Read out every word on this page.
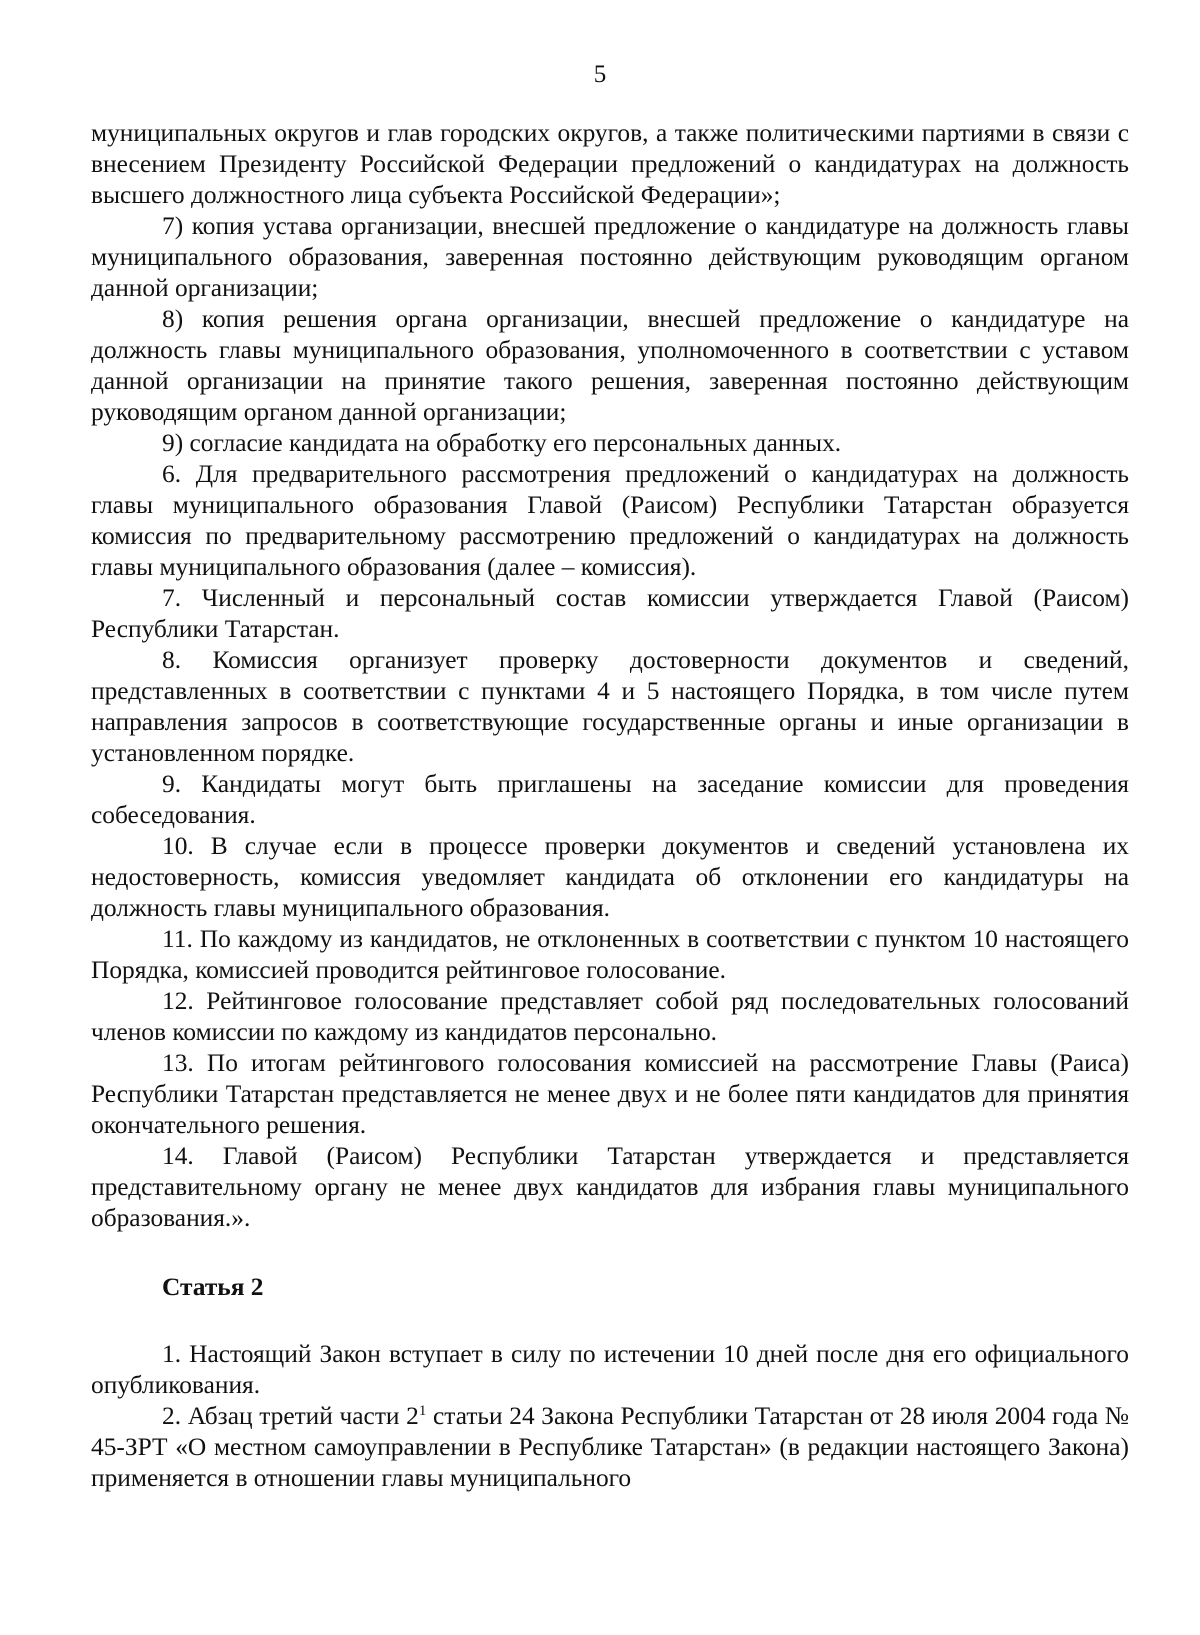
5

муниципальных округов и глав городских округов, а также политическими партиями в связи с внесением Президенту Российской Федерации предложений о кандидатурах на должность высшего должностного лица субъекта Российской Федерации»;

7) копия устава организации, внесшей предложение о кандидатуре на должность главы муниципального образования, заверенная постоянно действующим руководящим органом данной организации;

8) копия решения органа организации, внесшей предложение о кандидатуре на должность главы муниципального образования, уполномоченного в соответствии с уставом данной организации на принятие такого решения, заверенная постоянно действующим руководящим органом данной организации;

9) согласие кандидата на обработку его персональных данных.

6. Для предварительного рассмотрения предложений о кандидатурах на должность главы муниципального образования Главой (Раисом) Республики Татарстан образуется комиссия по предварительному рассмотрению предложений о кандидатурах на должность главы муниципального образования (далее – комиссия).

7. Численный и персональный состав комиссии утверждается Главой (Раисом) Республики Татарстан.

8. Комиссия организует проверку достоверности документов и сведений, представленных в соответствии с пунктами 4 и 5 настоящего Порядка, в том числе путем направления запросов в соответствующие государственные органы и иные организации в установленном порядке.

9. Кандидаты могут быть приглашены на заседание комиссии для проведения собеседования.

10. В случае если в процессе проверки документов и сведений установлена их недостоверность, комиссия уведомляет кандидата об отклонении его кандидатуры на должность главы муниципального образования.

11. По каждому из кандидатов, не отклоненных в соответствии с пунктом 10 настоящего Порядка, комиссией проводится рейтинговое голосование.

12. Рейтинговое голосование представляет собой ряд последовательных голосований членов комиссии по каждому из кандидатов персонально.

13. По итогам рейтингового голосования комиссией на рассмотрение Главы (Раиса) Республики Татарстан представляется не менее двух и не более пяти кандидатов для принятия окончательного решения.

14. Главой (Раисом) Республики Татарстан утверждается и представляется представительному органу не менее двух кандидатов для избрания главы муниципального образования.».

Статья 2

1. Настоящий Закон вступает в силу по истечении 10 дней после дня его официального опубликования.

2. Абзац третий части $2^1$ статьи 24 Закона Республики Татарстан от 28 июля 2004 года № 45-ЗРТ «О местном самоуправлении в Республике Татарстан» (в редакции настоящего Закона) применяется в отношении главы муниципального
